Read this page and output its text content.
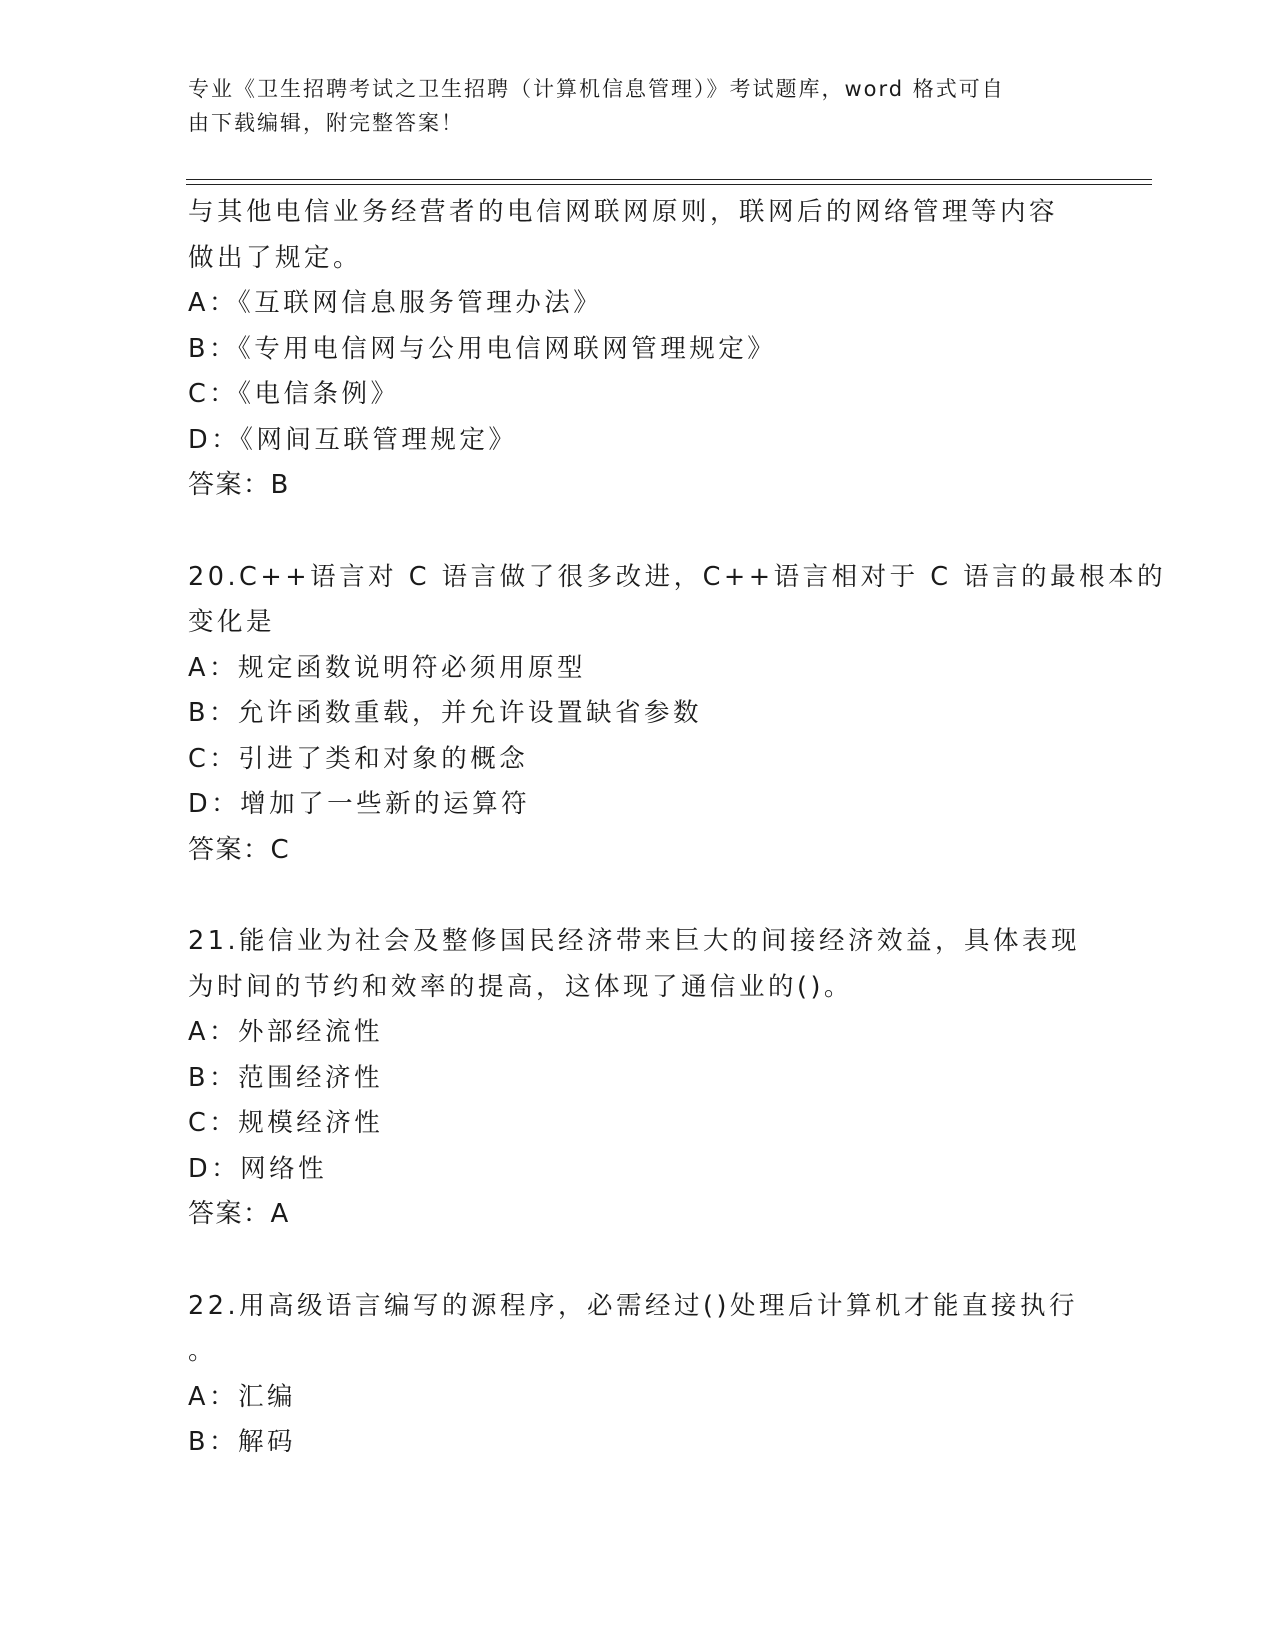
专业《卫生招聘考试之卫生招聘（计算机信息管理）》考试题库，word 格式可自
由下载编辑，附完整答案！
与其他电信业务经营者的电信网联网原则，联网后的网络管理等内容
做出了规定。
A：《互联网信息服务管理办法》
B：《专用电信网与公用电信网联网管理规定》
C：《电信条例》
D：《网间互联管理规定》
答案：B
20.C++语言对 C 语言做了很多改进，C++语言相对于 C 语言的最根本的
变化是
A：规定函数说明符必须用原型
B：允许函数重载，并允许设置缺省参数
C：引进了类和对象的概念
D：增加了一些新的运算符
答案：C
21.能信业为社会及整修国民经济带来巨大的间接经济效益，具体表现
为时间的节约和效率的提高，这体现了通信业的()。
A：外部经流性
B：范围经济性
C：规模经济性
D：网络性
答案：A
22.用高级语言编写的源程序，必需经过()处理后计算机才能直接执行
。
A：汇编
B：解码
